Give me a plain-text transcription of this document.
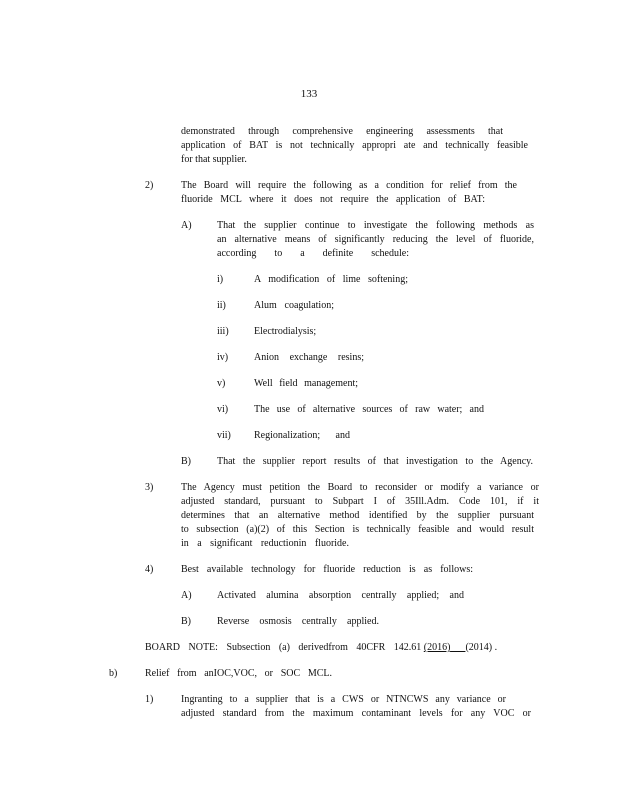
133
demonstrated through comprehensive engineering assessments that
application of BAT is not technically appropri ate and technically feasible
for that supplier.
2)	The Board will require the following as a condition for relief from the
fluoride MCL where it does not require the application of BAT:
A)	That the supplier continue to investigate the following methods as
an alternative means of significantly reducing the level of fluoride,
according to a definite schedule:
i)	A modification of lime softening;
ii)	Alum coagulation;
iii)	Electrodialysis;
iv)	Anion exchange resins;
v)	Well field management;
vi)	The use of alternative sources of raw water; and
vii) Regionalization; and
B)	That the supplier report results of that investigation to the Agency.
3)	The Agency must petition the Board to reconsider or modify a variance or
adjusted standard, pursuant to Subpart I of 35Ill.Adm. Code 101, if it
determines that an alternative method identified by the supplier pursuant
to subsection (a)(2) of this Section is technically feasible and would result
in a significant reductionin fluoride.
4)	Best available technology for fluoride reduction is as follows:
A)	Activated alumina absorption centrally applied; and
B)	Reverse osmosis centrally applied.
BOARD NOTE: Subsection (a) derivedfrom 40CFR 142.61 (2016) (2014) .
b)	Relief from anIOC,VOC, or SOC MCL.
1)	Ingranting to a supplier that is a CWS or NTNCWS any variance or
adjusted standard from the maximum contaminant levels for any VOC or
